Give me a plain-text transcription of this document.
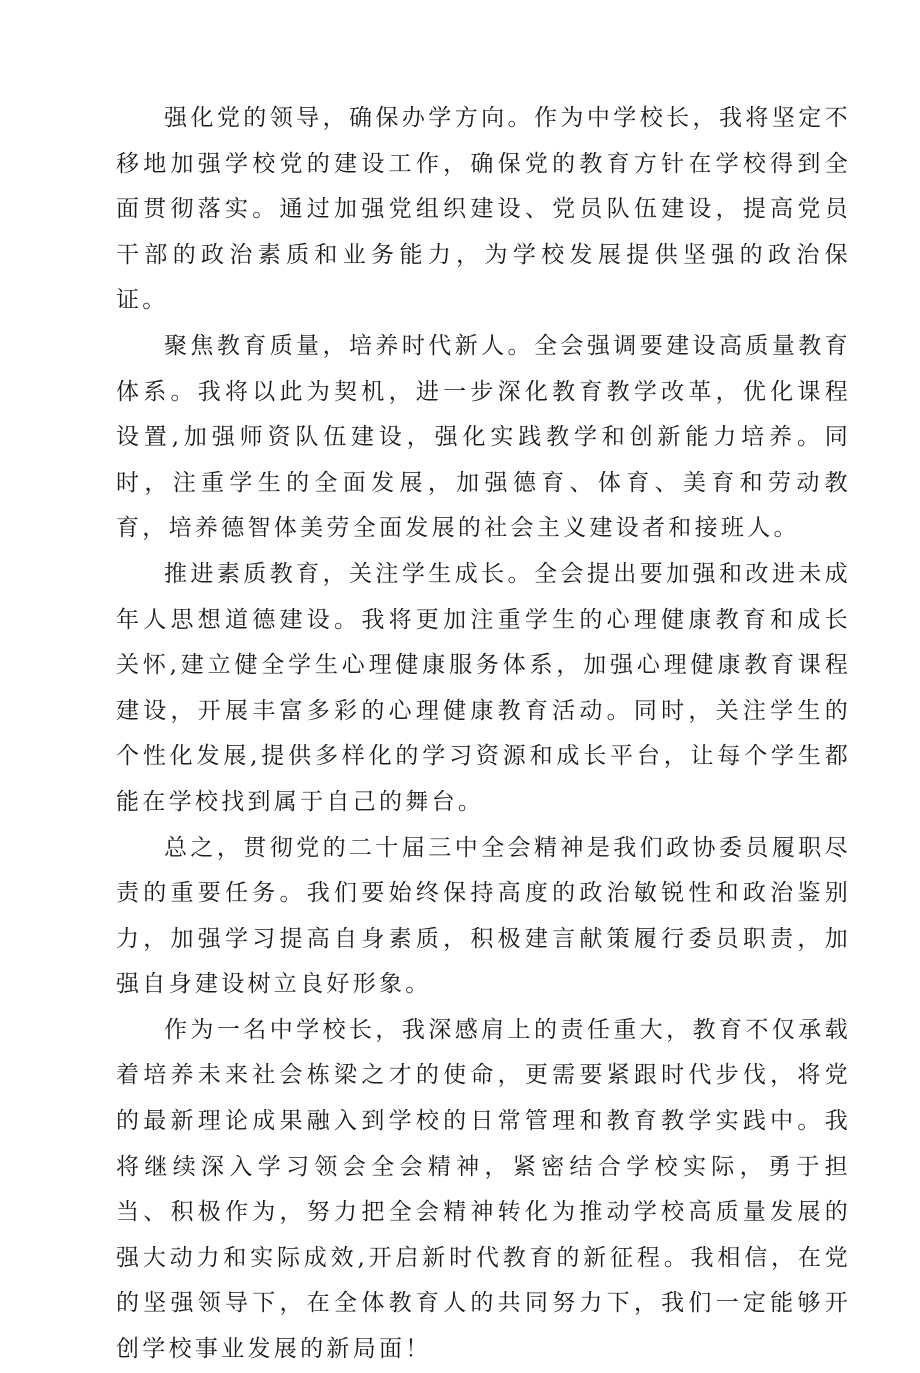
强化党的领导，确保办学方向。作为中学校长，我将坚定不移地加强学校党的建设工作，确保党的教育方针在学校得到全面贯彻落实。通过加强党组织建设、党员队伍建设，提高党员干部的政治素质和业务能力，为学校发展提供坚强的政治保证。

聚焦教育质量，培养时代新人。全会强调要建设高质量教育体系。我将以此为契机，进一步深化教育教学改革，优化课程设置,加强师资队伍建设，强化实践教学和创新能力培养。同时，注重学生的全面发展，加强德育、体育、美育和劳动教育，培养德智体美劳全面发展的社会主义建设者和接班人。

推进素质教育，关注学生成长。全会提出要加强和改进未成年人思想道德建设。我将更加注重学生的心理健康教育和成长关怀,建立健全学生心理健康服务体系，加强心理健康教育课程建设，开展丰富多彩的心理健康教育活动。同时，关注学生的个性化发展,提供多样化的学习资源和成长平台，让每个学生都能在学校找到属于自己的舞台。

总之，贯彻党的二十届三中全会精神是我们政协委员履职尽责的重要任务。我们要始终保持高度的政治敏锐性和政治鉴别力，加强学习提高自身素质，积极建言献策履行委员职责，加强自身建设树立良好形象。

作为一名中学校长，我深感肩上的责任重大，教育不仅承载着培养未来社会栋梁之才的使命，更需要紧跟时代步伐，将党的最新理论成果融入到学校的日常管理和教育教学实践中。我将继续深入学习领会全会精神，紧密结合学校实际，勇于担当、积极作为，努力把全会精神转化为推动学校高质量发展的强大动力和实际成效,开启新时代教育的新征程。我相信，在党的坚强领导下，在全体教育人的共同努力下，我们一定能够开创学校事业发展的新局面！
